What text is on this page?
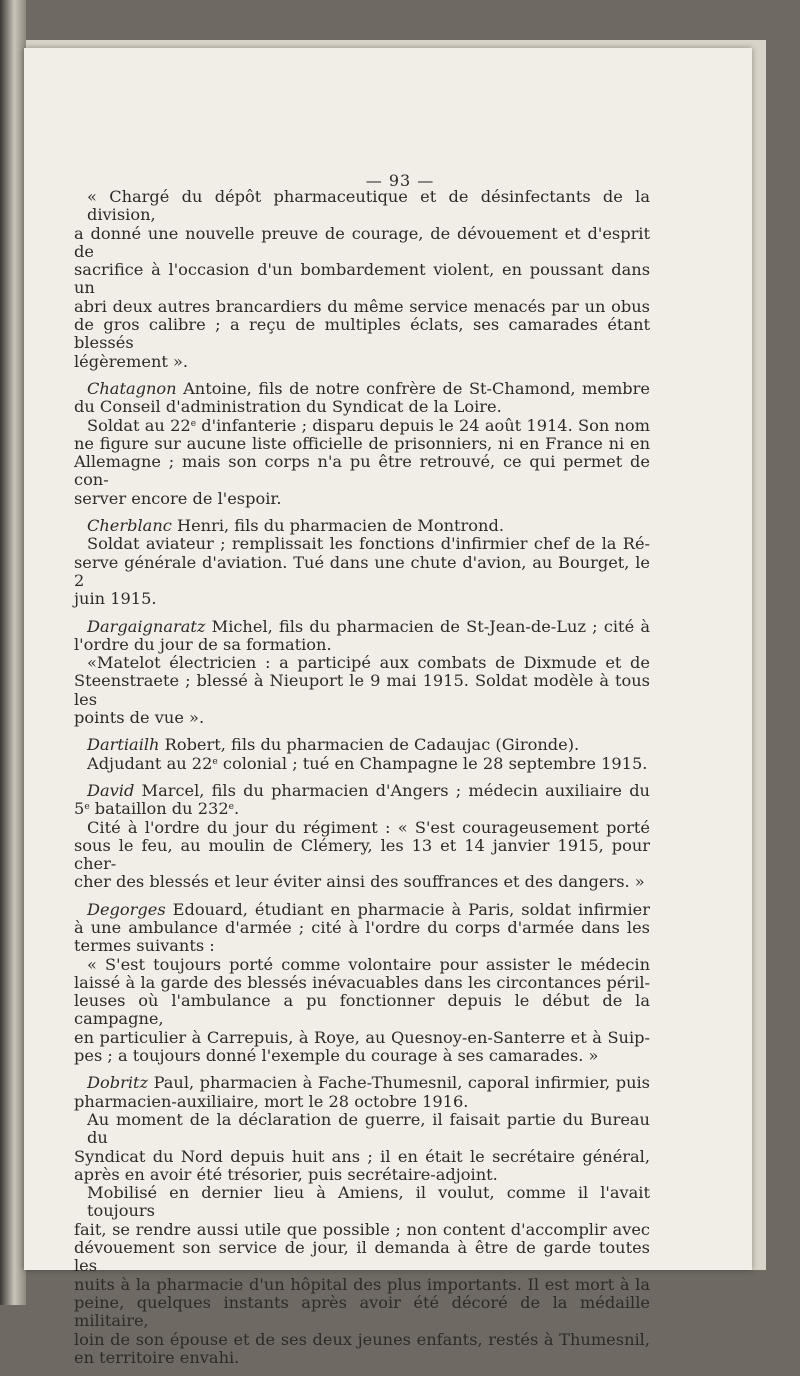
— 93 —
« Chargé du dépôt pharmaceutique et de désinfectants de la division,
a donné une nouvelle preuve de courage, de dévouement et d'esprit de
sacrifice à l'occasion d'un bombardement violent, en poussant dans un
abri deux autres brancardiers du même service menacés par un obus
de gros calibre ; a reçu de multiples éclats, ses camarades étant blessés
légèrement ».
Chatagnon Antoine, fils de notre confrère de St-Chamond, membre
du Conseil d'administration du Syndicat de la Loire.
Soldat au 22e d'infanterie ; disparu depuis le 24 août 1914. Son nom
ne figure sur aucune liste officielle de prisonniers, ni en France ni en
Allemagne ; mais son corps n'a pu être retrouvé, ce qui permet de con-
server encore de l'espoir.
Cherblanc Henri, fils du pharmacien de Montrond.
Soldat aviateur ; remplissait les fonctions d'infirmier chef de la Ré-
serve générale d'aviation. Tué dans une chute d'avion, au Bourget, le 2
juin 1915.
Dargaignaratz Michel, fils du pharmacien de St-Jean-de-Luz ; cité à
l'ordre du jour de sa formation.
«Matelot électricien : a participé aux combats de Dixmude et de
Steenstraete ; blessé à Nieuport le 9 mai 1915. Soldat modèle à tous les
points de vue ».
Dartiailh Robert, fils du pharmacien de Cadaujac (Gironde).
Adjudant au 22e colonial ; tué en Champagne le 28 septembre 1915.
David Marcel, fils du pharmacien d'Angers ; médecin auxiliaire du
5e bataillon du 232e.
Cité à l'ordre du jour du régiment : « S'est courageusement porté
sous le feu, au moulin de Clémery, les 13 et 14 janvier 1915, pour cher-
cher des blessés et leur éviter ainsi des souffrances et des dangers. »
Degorges Edouard, étudiant en pharmacie à Paris, soldat infirmier
à une ambulance d'armée ; cité à l'ordre du corps d'armée dans les
termes suivants :
« S'est toujours porté comme volontaire pour assister le médecin
laissé à la garde des blessés inévacuables dans les circontances péril-
leuses où l'ambulance a pu fonctionner depuis le début de la campagne,
en particulier à Carrepuis, à Roye, au Quesnoy-en-Santerre et à Suip-
pes ; a toujours donné l'exemple du courage à ses camarades. »
Dobritz Paul, pharmacien à Fache-Thumesnil, caporal infirmier, puis
pharmacien-auxiliaire, mort le 28 octobre 1916.
Au moment de la déclaration de guerre, il faisait partie du Bureau du
Syndicat du Nord depuis huit ans ; il en était le secrétaire général,
après en avoir été trésorier, puis secrétaire-adjoint.
Mobilisé en dernier lieu à Amiens, il voulut, comme il l'avait toujours
fait, se rendre aussi utile que possible ; non content d'accomplir avec
dévouement son service de jour, il demanda à être de garde toutes les
nuits à la pharmacie d'un hôpital des plus importants. Il est mort à la
peine, quelques instants après avoir été décoré de la médaille militaire,
loin de son épouse et de ses deux jeunes enfants, restés à Thumesnil,
en territoire envahi.
